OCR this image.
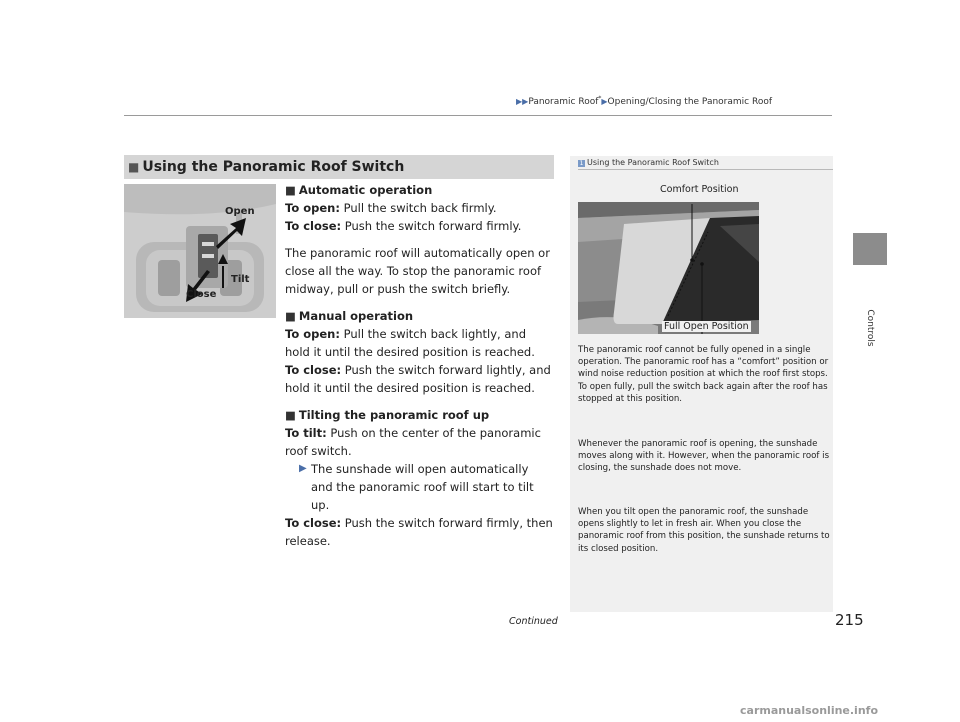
▶▶Panoramic Roof*▶Opening/Closing the Panoramic Roof
Controls
■ Using the Panoramic Roof Switch
Open
Tilt
Close
■ Automatic operation

To open: Pull the switch back firmly.

To close: Push the switch forward firmly.

The panoramic roof will automatically open or close all the way. To stop the panoramic roof midway, pull or push the switch briefly.

■ Manual operation

To open: Pull the switch back lightly, and hold it until the desired position is reached.

To close: Push the switch forward lightly, and hold it until the desired position is reached.

■ Tilting the panoramic roof up

To tilt: Push on the center of the panoramic roof switch.

▶ The sunshade will open automatically and the panoramic roof will start to tilt up.

To close: Push the switch forward firmly, then release.

1 Using the Panoramic Roof Switch
Comfort Position
Full Open Position

The panoramic roof cannot be fully opened in a single operation. The panoramic roof has a “comfort” position or wind noise reduction position at which the roof first stops. To open fully, pull the switch back again after the roof has stopped at this position.

Whenever the panoramic roof is opening, the sunshade moves along with it. However, when the panoramic roof is closing, the sunshade does not move.

When you tilt open the panoramic roof, the sunshade opens slightly to let in fresh air. When you close the panoramic roof from this position, the sunshade returns to its closed position.

Continued	215
carmanualsonline.info
